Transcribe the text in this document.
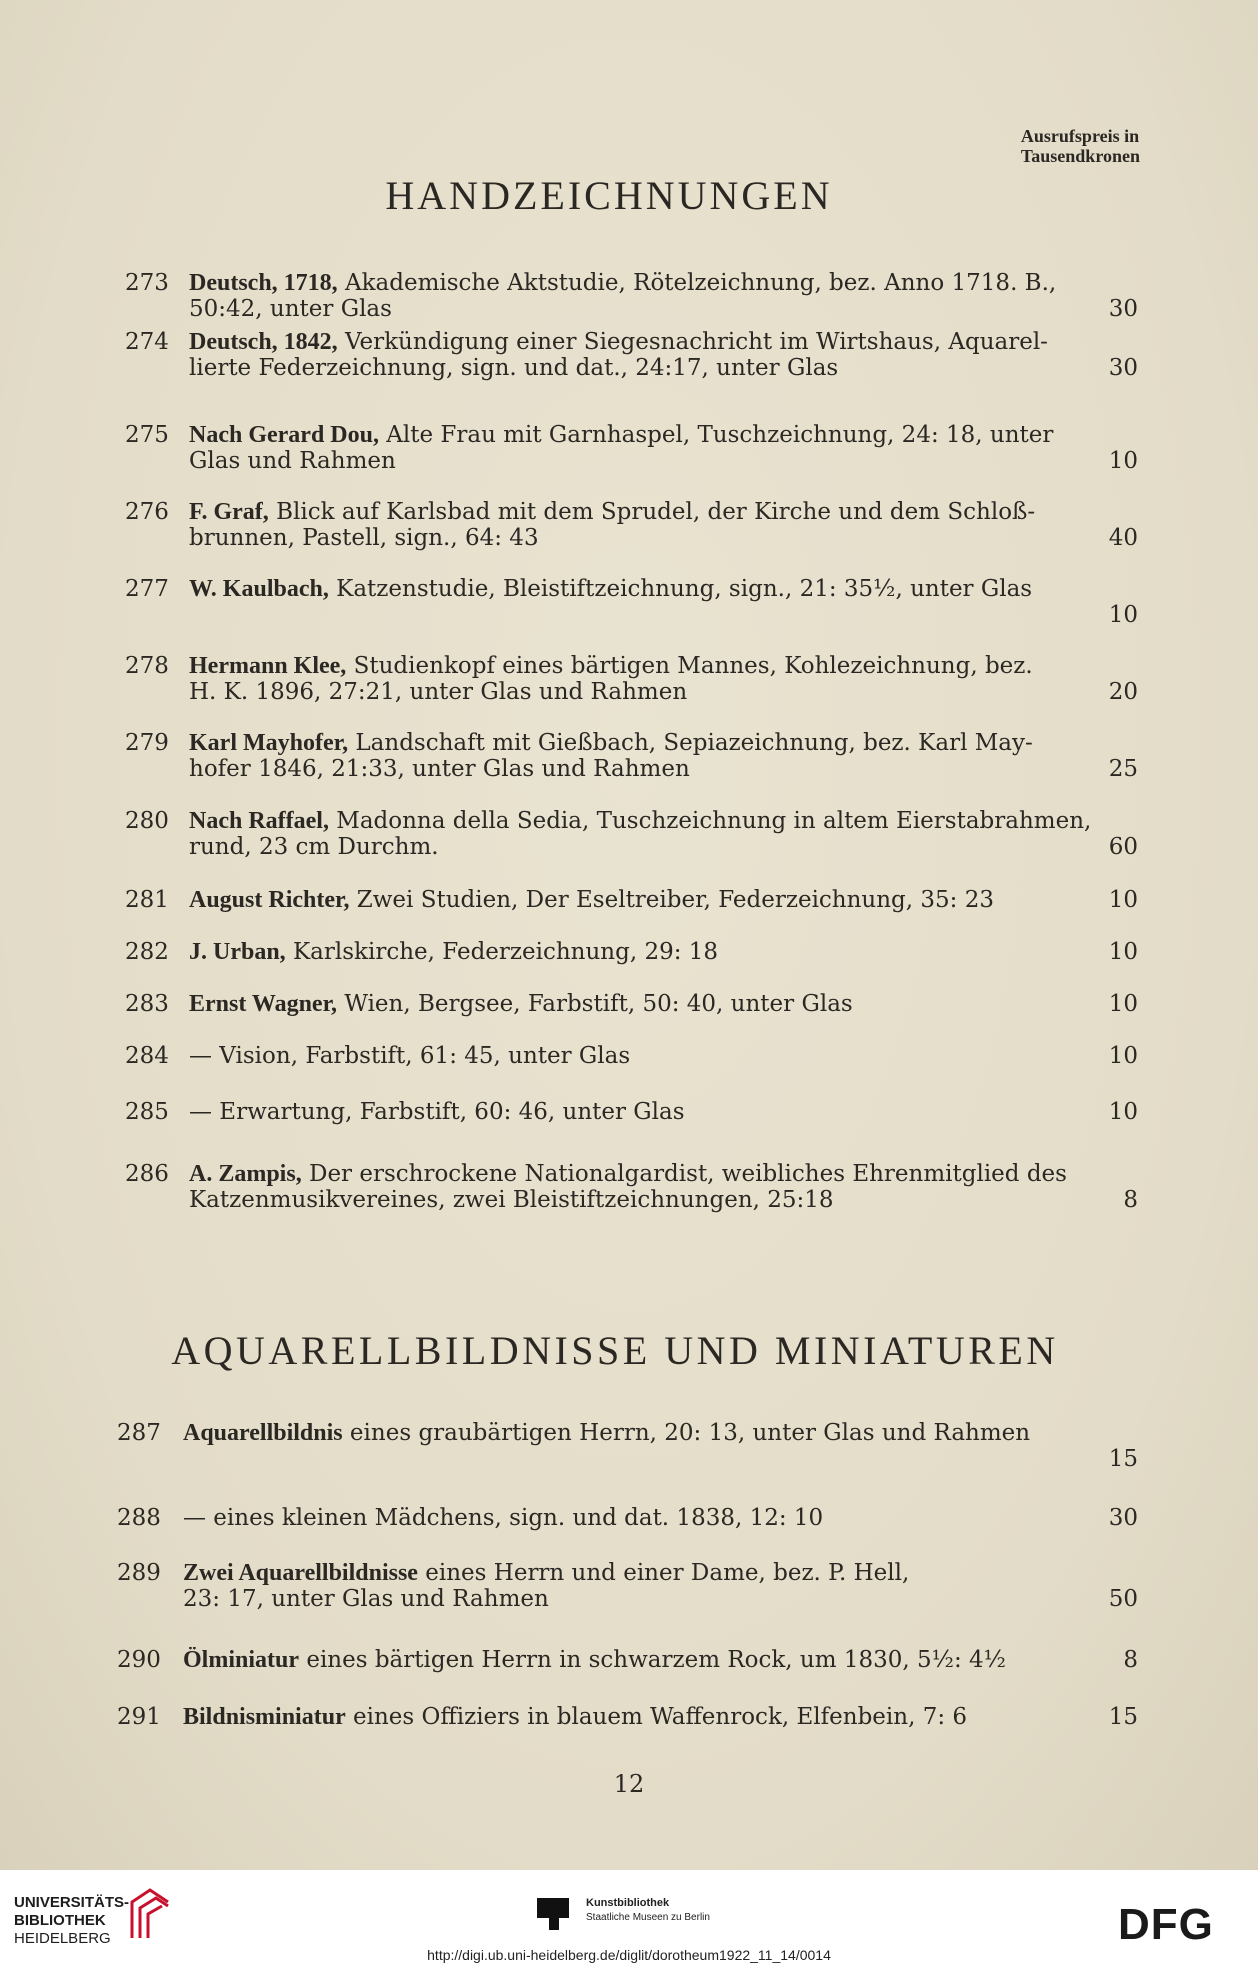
Ausrufspreis in
Tausendkronen
HANDZEICHNUNGEN
273 Deutsch, 1718, Akademische Aktstudie, Rötelzeichnung, bez. Anno 1718. B.,
50:42, unter Glas	30
274 Deutsch, 1842, Verkündigung einer Siegesnachricht im Wirtshaus, Aquarel-
lierte Federzeichnung, sign. und dat., 24:17, unter Glas	30
275 Nach Gerard Dou, Alte Frau mit Garnhaspel, Tuschzeichnung, 24: 18, unter
Glas und Rahmen	10
276 F. Graf, Blick auf Karlsbad mit dem Sprudel, der Kirche und dem Schloß-
brunnen, Pastell, sign., 64: 43	40
277 W. Kaulbach, Katzenstudie, Bleistiftzeichnung, sign., 21: 35½, unter Glas
10
278 Hermann Klee, Studienkopf eines bärtigen Mannes, Kohlezeichnung, bez.
H. K. 1896, 27:21, unter Glas und Rahmen	20
279 Karl Mayhofer, Landschaft mit Gießbach, Sepiazeichnung, bez. Karl May-
hofer 1846, 21:33, unter Glas und Rahmen	25
280 Nach Raffael, Madonna della Sedia, Tuschzeichnung in altem Eierstabrahmen,
rund, 23 cm Durchm.	60
281 August Richter, Zwei Studien, Der Eseltreiber, Federzeichnung, 35: 23	10
282 J. Urban, Karlskirche, Federzeichnung, 29: 18	10
283 Ernst Wagner, Wien, Bergsee, Farbstift, 50: 40, unter Glas	10
284 — Vision, Farbstift, 61: 45, unter Glas	10
285 — Erwartung, Farbstift, 60: 46, unter Glas	10
286 A. Zampis, Der erschrockene Nationalgardist, weibliches Ehrenmitglied des
Katzenmusikvereines, zwei Bleistiftzeichnungen, 25:18	8
AQUARELLBILDNISSE UND MINIATUREN
287 Aquarellbildnis eines graubärtigen Herrn, 20: 13, unter Glas und Rahmen
15
288 — eines kleinen Mädchens, sign. und dat. 1838, 12: 10	30
289 Zwei Aquarellbildnisse eines Herrn und einer Dame, bez. P. Hell,
23: 17, unter Glas und Rahmen	50
290 Ölminiatur eines bärtigen Herrn in schwarzem Rock, um 1830, 5½: 4½	8
291 Bildnisminiatur eines Offiziers in blauem Waffenrock, Elfenbein, 7: 6	15
12
UNIVERSITÄTS-
BIBLIOTHEK
HEIDELBERG
Kunstbibliothek
Staatliche Museen zu Berlin	DFG
http://digi.ub.uni-heidelberg.de/diglit/dorotheum1922_11_14/0014
